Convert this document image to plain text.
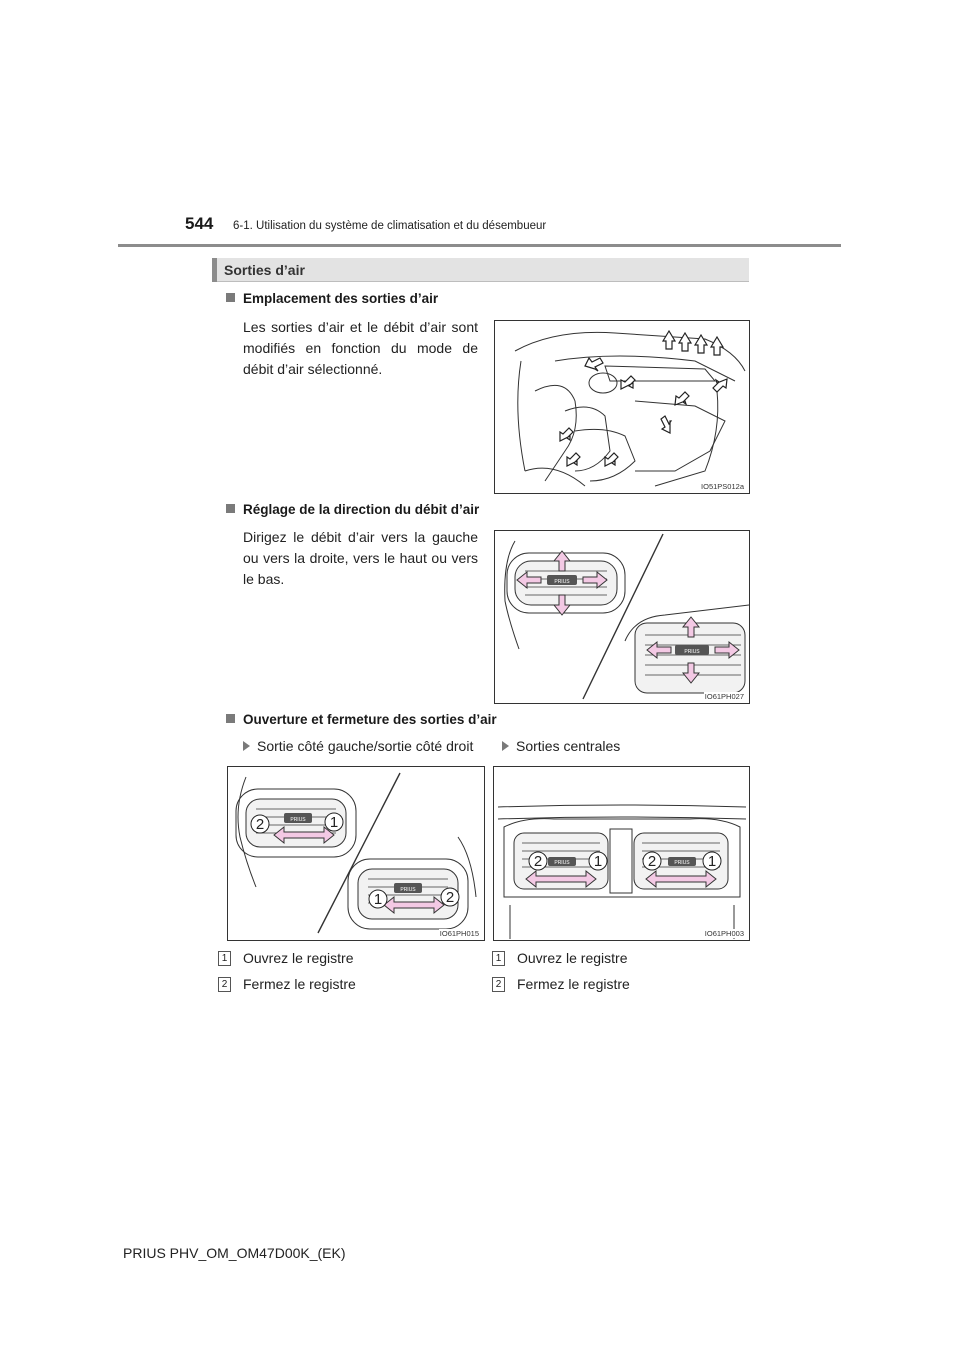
544 6-1. Utilisation du système de climatisation et du désembueur
Sorties d’air
Emplacement des sorties d’air
Les sorties d’air et le débit d’air sont modifiés en fonction du mode de débit d’air sélectionné.
IO51PS012a
Réglage de la direction du débit d’air
Dirigez le débit d’air vers la gauche ou vers la droite, vers le haut ou vers le bas.	PRIUS
PRIUS
IO61PH027
Ouverture et fermeture des sorties d’air
Sortie côté gauche/sortie côté droit	Sorties centrales
PRIUS
PRIUS
2	1
1	2
IO61PH015
PRIUS	PRIUS
2	1	2	1
IO61PH003
1 Ouvrez le registre
2 Fermez le registre
1 Ouvrez le registre
2 Fermez le registre
PRIUS PHV_OM_OM47D00K_(EK)
